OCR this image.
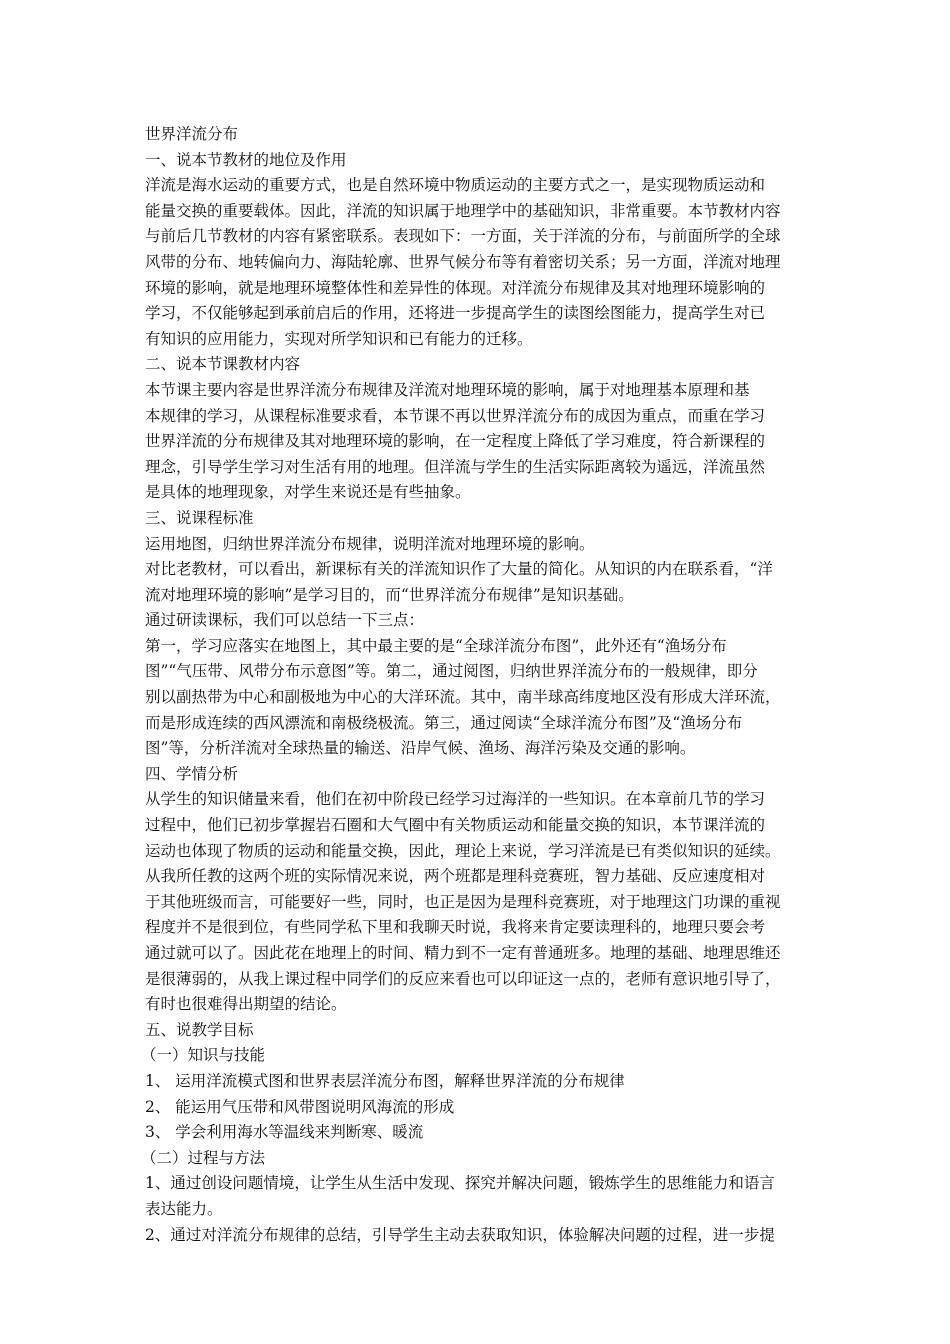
世界洋流分布
一、说本节教材的地位及作用
洋流是海水运动的重要方式，也是自然环境中物质运动的主要方式之一，是实现物质运动和
能量交换的重要载体。因此，洋流的知识属于地理学中的基础知识，非常重要。本节教材内容
与前后几节教材的内容有紧密联系。表现如下：一方面，关于洋流的分布，与前面所学的全球
风带的分布、地转偏向力、海陆轮廓、世界气候分布等有着密切关系；另一方面，洋流对地理
环境的影响，就是地理环境整体性和差异性的体现。对洋流分布规律及其对地理环境影响的
学习，不仅能够起到承前启后的作用，还将进一步提高学生的读图绘图能力，提高学生对已
有知识的应用能力，实现对所学知识和已有能力的迁移。
二、说本节课教材内容
本节课主要内容是世界洋流分布规律及洋流对地理环境的影响，属于对地理基本原理和基
本规律的学习，从课程标准要求看，本节课不再以世界洋流分布的成因为重点，而重在学习
世界洋流的分布规律及其对地理环境的影响，在一定程度上降低了学习难度，符合新课程的
理念，引导学生学习对生活有用的地理。但洋流与学生的生活实际距离较为遥远，洋流虽然
是具体的地理现象，对学生来说还是有些抽象。
三、说课程标准
运用地图，归纳世界洋流分布规律，说明洋流对地理环境的影响。
对比老教材，可以看出，新课标有关的洋流知识作了大量的简化。从知识的内在联系看，“洋
流对地理环境的影响”是学习目的，而“世界洋流分布规律”是知识基础。
通过研读课标，我们可以总结一下三点：
第一，学习应落实在地图上，其中最主要的是“全球洋流分布图”，此外还有“渔场分布
图”“气压带、风带分布示意图”等。第二，通过阅图，归纳世界洋流分布的一般规律，即分
别以副热带为中心和副极地为中心的大洋环流。其中，南半球高纬度地区没有形成大洋环流，
而是形成连续的西风漂流和南极绕极流。第三，通过阅读“全球洋流分布图”及“渔场分布
图”等，分析洋流对全球热量的输送、沿岸气候、渔场、海洋污染及交通的影响。
四、学情分析
从学生的知识储量来看，他们在初中阶段已经学习过海洋的一些知识。在本章前几节的学习
过程中，他们已初步掌握岩石圈和大气圈中有关物质运动和能量交换的知识，本节课洋流的
运动也体现了物质的运动和能量交换，因此，理论上来说，学习洋流是已有类似知识的延续。
从我所任教的这两个班的实际情况来说，两个班都是理科竞赛班，智力基础、反应速度相对
于其他班级而言，可能要好一些，同时，也正是因为是理科竞赛班，对于地理这门功课的重视
程度并不是很到位，有些同学私下里和我聊天时说，我将来肯定要读理科的，地理只要会考
通过就可以了。因此花在地理上的时间、精力到不一定有普通班多。地理的基础、地理思维还
是很薄弱的，从我上课过程中同学们的反应来看也可以印证这一点的，老师有意识地引导了，
有时也很难得出期望的结论。
五、说教学目标
（一）知识与技能
1、 运用洋流模式图和世界表层洋流分布图，解释世界洋流的分布规律
2、 能运用气压带和风带图说明风海流的形成
3、 学会利用海水等温线来判断寒、暖流
（二）过程与方法
1、通过创设问题情境，让学生从生活中发现、探究并解决问题，锻炼学生的思维能力和语言
表达能力。
2、通过对洋流分布规律的总结，引导学生主动去获取知识，体验解决问题的过程，进一步提
